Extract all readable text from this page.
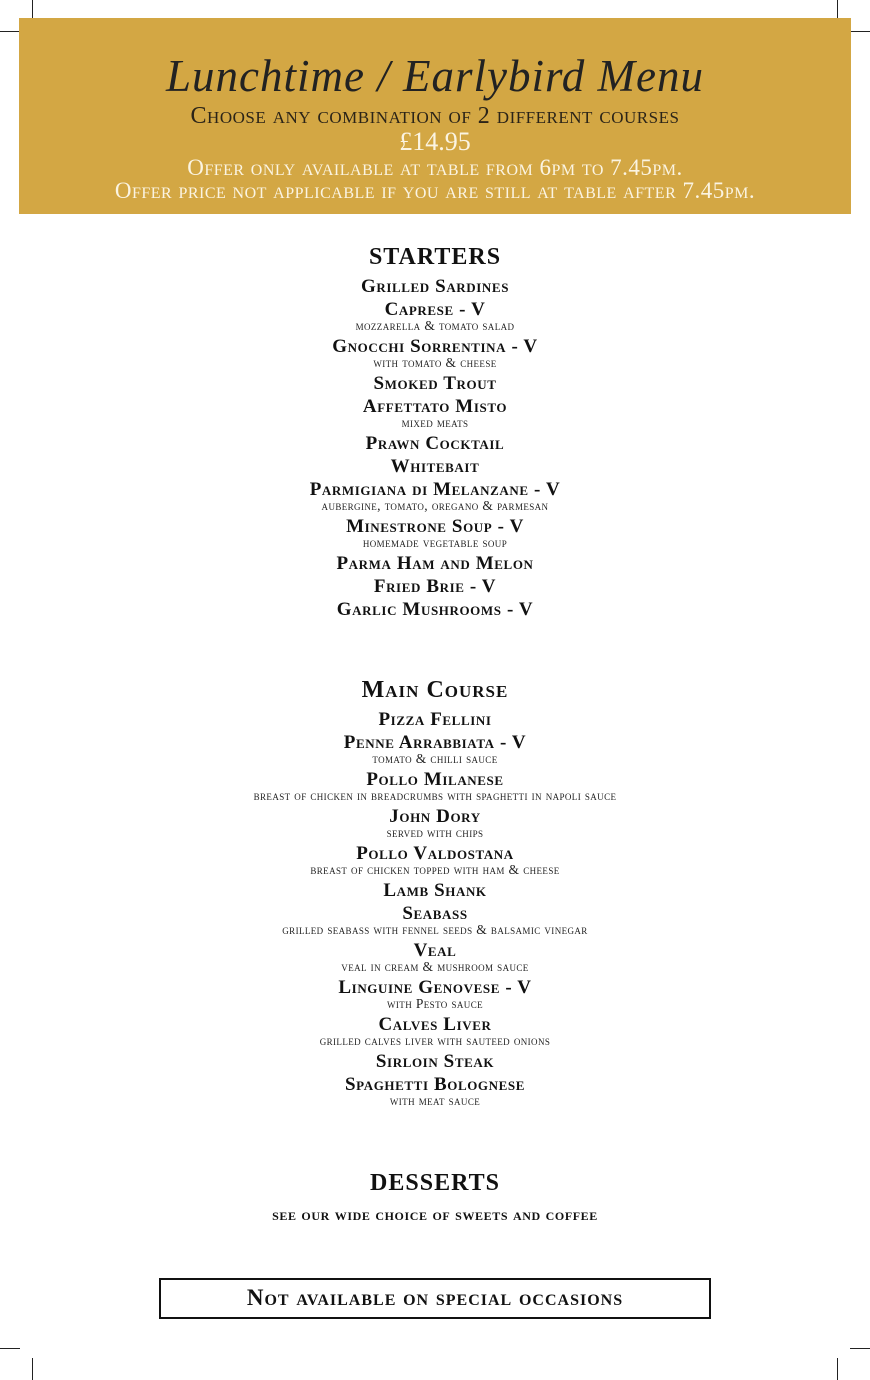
Lunchtime / Earlybird Menu
Choose any combination of 2 different courses
£14.95
Offer only available at table from 6pm to 7.45pm.
Offer price not applicable if you are still at table after 7.45pm.
STARTERS
Grilled Sardines
Caprese - V
mozzarella & tomato salad
Gnocchi Sorrentina - V
with tomato & cheese
Smoked Trout
Affettato Misto
mixed meats
Prawn Cocktail
Whitebait
Parmigiana di Melanzane - V
aubergine, tomato, oregano & parmesan
Minestrone Soup - V
homemade vegetable soup
Parma Ham and Melon
Fried Brie - V
Garlic Mushrooms - V
Main Course
Pizza Fellini
Penne Arrabbiata - V
tomato & chilli sauce
Pollo Milanese
breast of chicken in breadcrumbs with spaghetti in napoli sauce
John Dory
served with chips
Pollo Valdostana
breast of chicken topped with ham & cheese
Lamb Shank
Seabass
grilled seabass with fennel seeds & balsamic vinegar
Veal
veal in cream & mushroom sauce
Linguine Genovese - V
with Pesto sauce
Calves Liver
grilled calves liver with sauteed onions
Sirloin Steak
Spaghetti Bolognese
with meat sauce
DESSERTS
see our wide choice of sweets and coffee
Not available on special occasions
